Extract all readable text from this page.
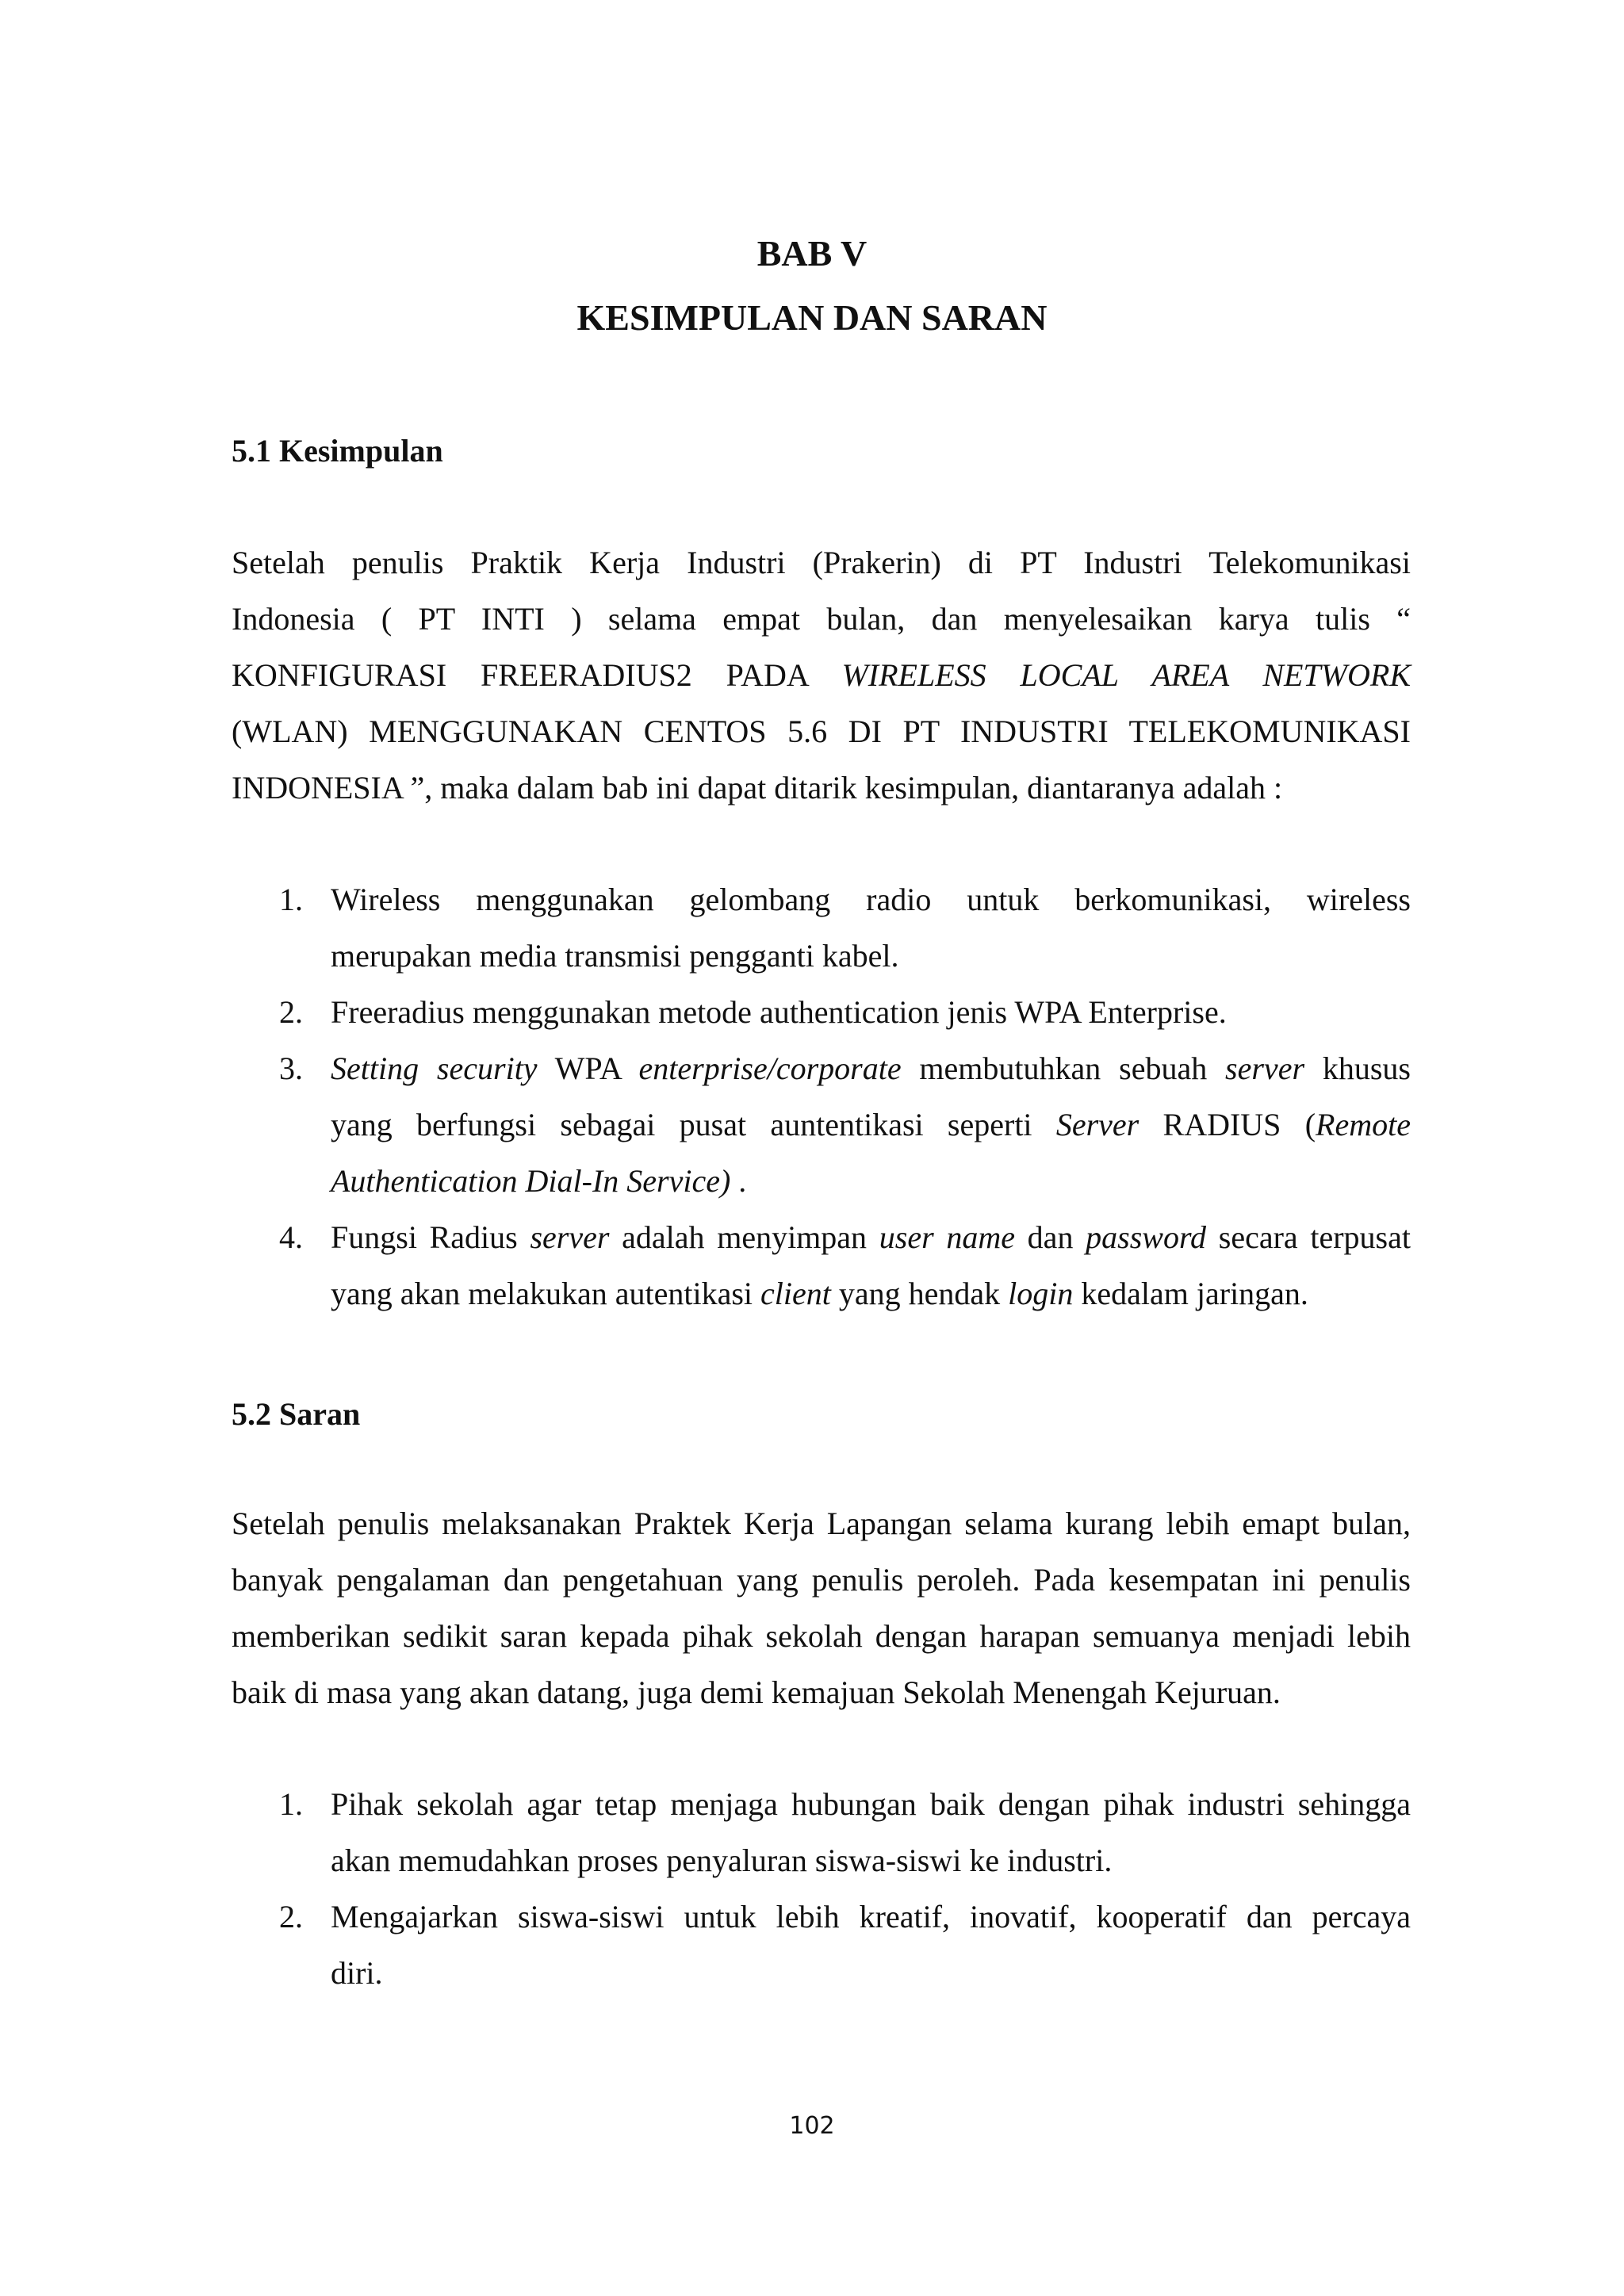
BAB V
KESIMPULAN DAN SARAN
5.1 Kesimpulan
Setelah penulis Praktik Kerja Industri (Prakerin) di PT Industri Telekomunikasi
Indonesia ( PT INTI ) selama empat bulan, dan menyelesaikan karya tulis “
KONFIGURASI FREERADIUS2 PADA WIRELESS LOCAL AREA NETWORK
(WLAN) MENGGUNAKAN CENTOS 5.6 DI PT INDUSTRI TELEKOMUNIKASI
INDONESIA ”, maka dalam bab ini dapat ditarik kesimpulan, diantaranya adalah :
1. Wireless menggunakan gelombang radio untuk berkomunikasi, wireless
merupakan media transmisi pengganti kabel.
2. Freeradius menggunakan metode authentication jenis WPA Enterprise.
3. Setting security WPA enterprise/corporate membutuhkan sebuah server khusus
yang berfungsi sebagai pusat auntentikasi seperti Server RADIUS (Remote
Authentication Dial-In Service) .
4. Fungsi Radius server adalah menyimpan user name dan password secara terpusat
yang akan melakukan autentikasi client yang hendak login kedalam jaringan.
5.2 Saran
Setelah penulis melaksanakan Praktek Kerja Lapangan selama kurang lebih emapt bulan,
banyak pengalaman dan pengetahuan yang penulis peroleh. Pada kesempatan ini penulis
memberikan sedikit saran kepada pihak sekolah dengan harapan semuanya menjadi lebih
baik di masa yang akan datang, juga demi kemajuan Sekolah Menengah Kejuruan.
1. Pihak sekolah agar tetap menjaga hubungan baik dengan pihak industri sehingga
akan memudahkan proses penyaluran siswa-siswi ke industri.
2. Mengajarkan siswa-siswi untuk lebih kreatif, inovatif, kooperatif dan percaya
diri.
102
